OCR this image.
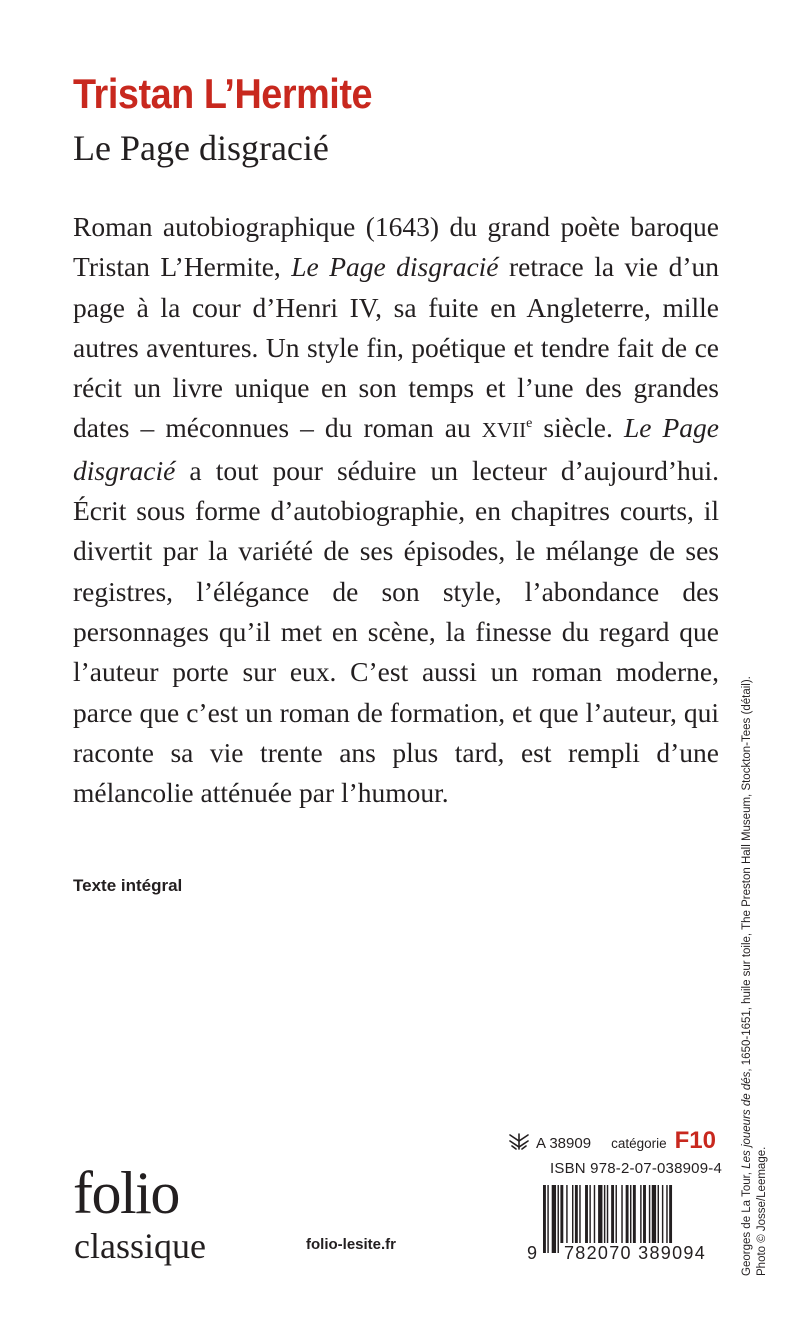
Tristan L’Hermite
Le Page disgracié

Roman autobiographique (1643) du grand poète baroque Tristan L’Hermite, Le Page disgracié retrace la vie d’un page à la cour d’Henri IV, sa fuite en Angleterre, mille autres aventures. Un style fin, poétique et tendre fait de ce récit un livre unique en son temps et l’une des grandes dates – méconnues – du roman au XVIIe siècle. Le Page disgracié a tout pour séduire un lecteur d’aujourd’hui. Écrit sous forme d’autobiographie, en chapitres courts, il divertit par la variété de ses épisodes, le mélange de ses registres, l’élégance de son style, l’abondance des personnages qu’il met en scène, la finesse du regard que l’auteur porte sur eux. C’est aussi un roman moderne, parce que c’est un roman de formation, et que l’auteur, qui raconte sa vie trente ans plus tard, est rempli d’une mélancolie atténuée par l’humour.

Texte intégral
Georges de La Tour, Les joueurs de dés, 1650-1651, huile sur toile, The Preston Hall Museum, Stockton-Tees (détail).
Photo © Josse/Leemage.
folio
classique	folio-lesite.fr
A 38909 catégorie F10
ISBN 978-2-07-038909-4
9 782070 389094
